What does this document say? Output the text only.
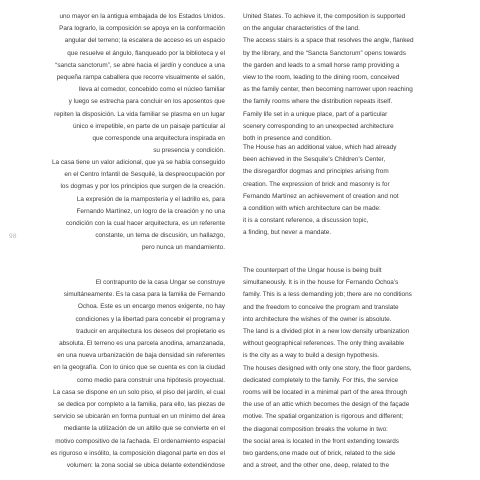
98
uno mayor en la antigua embajada de los Estados Unidos.
Para lograrlo, la composición se apoya en la conformación
angular del terreno; la escalera de acceso es un espacio
que resuelve el ángulo, flanqueado por la biblioteca y el
“sancta sanctorum”, se abre hacia el jardín y conduce a una
pequeña rampa caballera que recorre visualmente el salón,
lleva al comedor, concebido como el núcleo familiar
y luego se estrecha para concluir en los aposentos que
repiten la disposición. La vida familiar se plasma en un lugar
único e irrepetible, en parte de un paisaje particular al
que corresponde una arquitectura inspirada en
su presencia y condición.
La casa tiene un valor adicional, que ya se había conseguido
en el Centro Infantil de Sesquilé, la despreocupación por
los dogmas y por los principios que surgen de la creación.
La expresión de la mampostería y el ladrillo es, para
Fernando Martínez, un logro de la creación y no una
condición con la cual hacer arquitectura, es un referente
constante, un tema de discusión, un hallazgo,
pero nunca un mandamiento.
El contrapunto de la casa Ungar se construye
simultáneamente. Es la casa para la familia de Fernando
Ochoa. Este es un encargo menos exigente, no hay
condiciones y la libertad para concebir el programa y
traducir en arquitectura los deseos del propietario es
absoluta. El terreno es una parcela anodina, amanzanada,
en una nueva urbanización de baja densidad sin referentes
en la geografía. Con lo único que se cuenta es con la ciudad
como medio para construir una hipótesis proyectual.
La casa se dispone en un solo piso, el piso del jardín, el cual
se dedica por completo a la familia, para ello, las piezas de
servicio se ubicarán en forma puntual en un mínimo del área
mediante la utilización de un altillo que se convierte en el
motivo compositivo de la fachada. El ordenamiento espacial
es riguroso e insólito, la composición diagonal parte en dos el
volumen: la zona social se ubica delante extendiéndose
United States. To achieve it, the composition is supported
on the angular characteristics of the land.
The access stairs is a space that resolves the angle, flanked
by the library, and the “Sancta Sanctorum” opens towards
the garden and leads to a small horse ramp providing a
view to the room, leading to the dining room, conceived
as the family center, then becoming narrower upon reaching
the family rooms where the distribution repeats itself.
Family life set in a unique place, part of a particular
scenery corresponding to an unexpected architecture
both in presence and condition.
The House has an additional value, which had already
been achieved in the Sesquile’s Children’s Center,
the disregardfor dogmas and principles arising from
creation. The expression of brick and masonry is for
Fernando Martínez an achievement of creation and not
a condition with which architecture can be made:
it is a constant reference, a discussion topic,
a finding, but never a mandate.
The counterpart of the Ungar house is being built
simultaneously. It is in the house for Fernando Ochoa’s
family. This is a less demanding job; there are no conditions
and the freedom to conceive the program and translate
into architecture the wishes of the owner is absolute.
The land is a divided plot in a new low density urbanization
without geographical references. The only thing available
is the city as a way to build a design hypothesis.
The houses designed with only one story, the floor gardens,
dedicated completely to the family. For this, the service
rooms will be located in a minimal part of the area through
the use of an attic which becomes the design of the façade
motive. The spatial organization is rigorous and different;
the diagonal composition breaks the volume in two:
the social area is located in the front extending towards
two gardens,one made out of brick, related to the side
and a street, and the other one, deep, related to the
